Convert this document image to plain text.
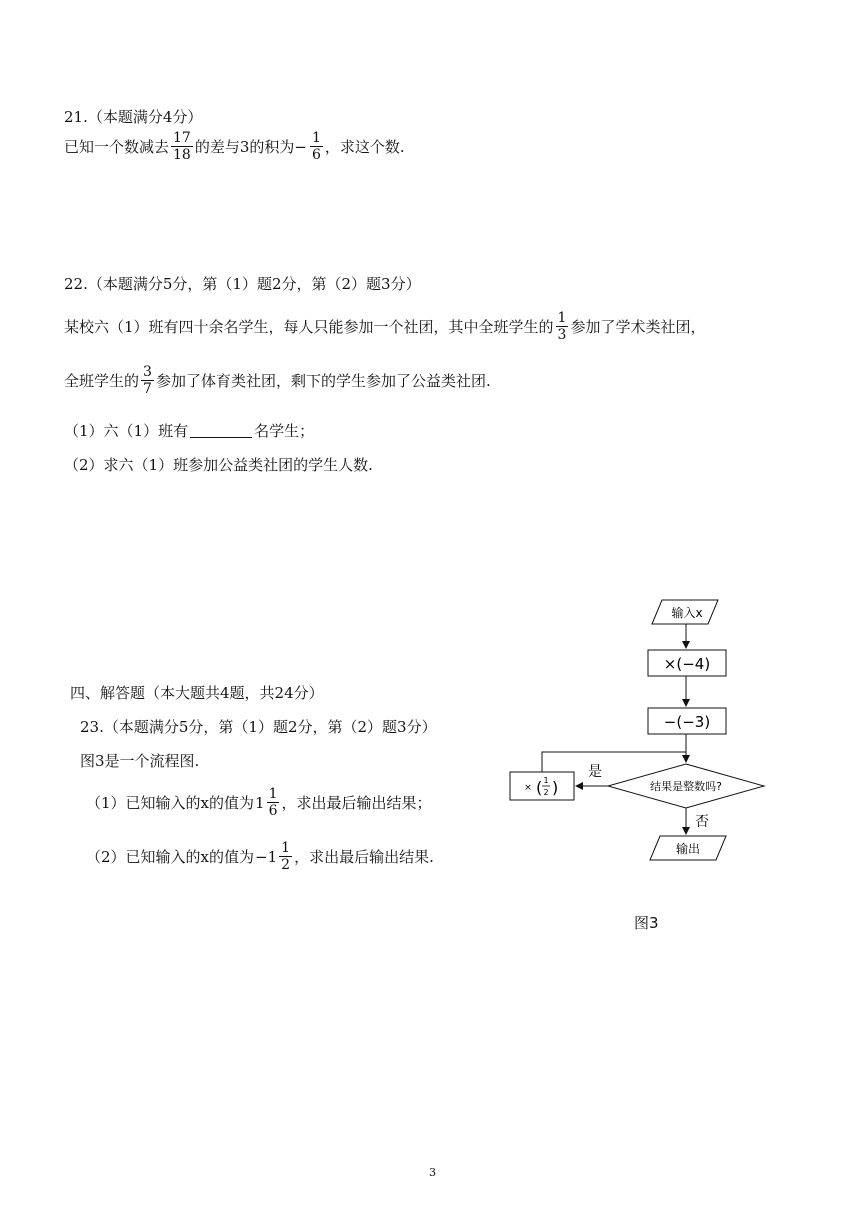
21.（本题满分4分）
已知一个数减去 $\frac{17}{18}$ 的差与3的积为 − $\frac{1}{6}$ ，求这个数.
22.（本题满分5分，第（1）题2分，第（2）题3分）
某校六（1）班有四十余名学生，每人只能参加一个社团，其中全班学生的 $\frac{1}{3}$ 参加了学术类社团，
全班学生的 $\frac{3}{7}$ 参加了体育类社团，剩下的学生参加了公益类社团.
（1）六（1）班有	名学生；
（2）求六（1）班参加公益类社团的学生人数.
四、解答题（本大题共4题，共24分）
23.（本题满分5分，第（1）题2分，第（2）题3分）
图3是一个流程图.
（1）已知输入的x的值为 $1 \frac{1}{6}$ ，求出最后输出结果；
（2）已知输入的x的值为 $-1 \frac{1}{2}$ ，求出最后输出结果.
输入x
×(−4)
−(−3)
结果是整数吗?
是
× ( 1
2 )
否
输出
图3
3
